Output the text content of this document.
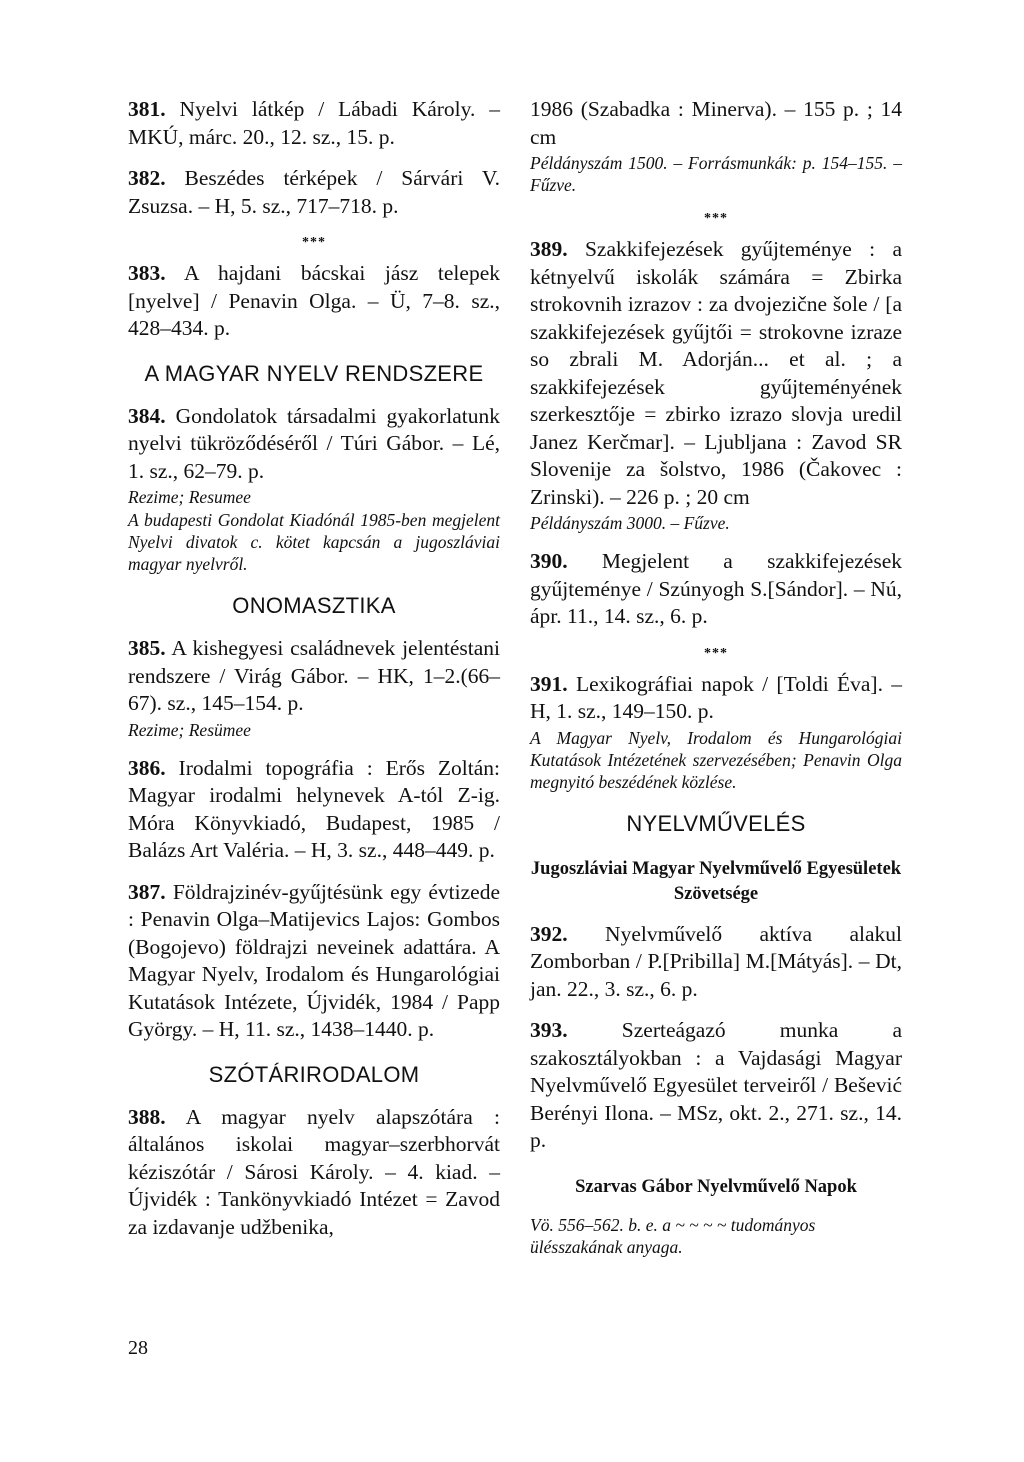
381. Nyelvi látkép / Lábadi Károly. – MKÚ, márc. 20., 12. sz., 15. p.
382. Beszédes térképek / Sárvári V. Zsuzsa. – H, 5. sz., 717–718. p.
***
383. A hajdani bácskai jász telepek [nyelve] / Penavin Olga. – Ü, 7–8. sz., 428–434. p.
A MAGYAR NYELV RENDSZERE
384. Gondolatok társadalmi gyakorlatunk nyelvi tükröződéséről / Túri Gábor. – Lé, 1. sz., 62–79. p.
Rezime; Resumee
A budapesti Gondolat Kiadónál 1985-ben megjelent Nyelvi divatok c. kötet kapcsán a jugoszláviai magyar nyelvről.
ONOMASZTIKA
385. A kishegyesi családnevek jelentéstani rendszere / Virág Gábor. – HK, 1–2.(66–67). sz., 145–154. p.
Rezime; Resümee
386. Irodalmi topográfia : Erős Zoltán: Magyar irodalmi helynevek A-tól Z-ig. Móra Könyvkiadó, Budapest, 1985 / Balázs Art Valéria. – H, 3. sz., 448–449. p.
387. Földrajzinév-gyűjtésünk egy évtizede : Penavin Olga–Matijevics Lajos: Gombos (Bogojevo) földrajzi neveinek adattára. A Magyar Nyelv, Irodalom és Hungarológiai Kutatások Intézete, Újvidék, 1984 / Papp György. – H, 11. sz., 1438–1440. p.
SZÓTÁRIRODALOM
388. A magyar nyelv alapszótára : általános iskolai magyar–szerbhorvát kéziszótár / Sárosi Károly. – 4. kiad. – Újvidék : Tankönyvkiadó Intézet = Zavod za izdavanje udžbenika,
1986 (Szabadka : Minerva). – 155 p. ; 14 cm
Példányszám 1500. – Forrásmunkák: p. 154–155. – Fűzve.
***
389. Szakkifejezések gyűjteménye : a kétnyelvű iskolák számára = Zbirka strokovnih izrazov : za dvojezične šole / [a szakkifejezések gyűjtői = strokovne izraze so zbrali M. Adorján... et al. ; a szakkifejezések gyűjteményének szerkesztője = zbirko izrazo slovja uredil Janez Kerčmar]. – Ljubljana : Zavod SR Slovenije za šolstvo, 1986 (Čakovec : Zrinski). – 226 p. ; 20 cm
Példányszám 3000. – Fűzve.
390. Megjelent a szakkifejezések gyűjteménye / Szúnyogh S.[Sándor]. – Nú, ápr. 11., 14. sz., 6. p.
***
391. Lexikográfiai napok / [Toldi Éva]. – H, 1. sz., 149–150. p.
A Magyar Nyelv, Irodalom és Hungarológiai Kutatások Intézetének szervezésében; Penavin Olga megnyitó beszédének közlése.
NYELVMŰVELÉS
Jugoszláviai Magyar Nyelvművelő Egyesületek Szövetsége
392. Nyelvművelő aktíva alakul Zomborban / P.[Pribilla] M.[Mátyás]. – Dt, jan. 22., 3. sz., 6. p.
393.	Szerteágazó munka a szakosztályokban : a Vajdasági Magyar Nyelvművelő Egyesület terveiről / Bešević Berényi Ilona. – MSz, okt. 2., 271. sz., 14. p.
Szarvas Gábor Nyelvművelő Napok
Vö. 556–562. b. e. a ~ ~ ~ ~ tudományos ülésszakának anyaga.
28
